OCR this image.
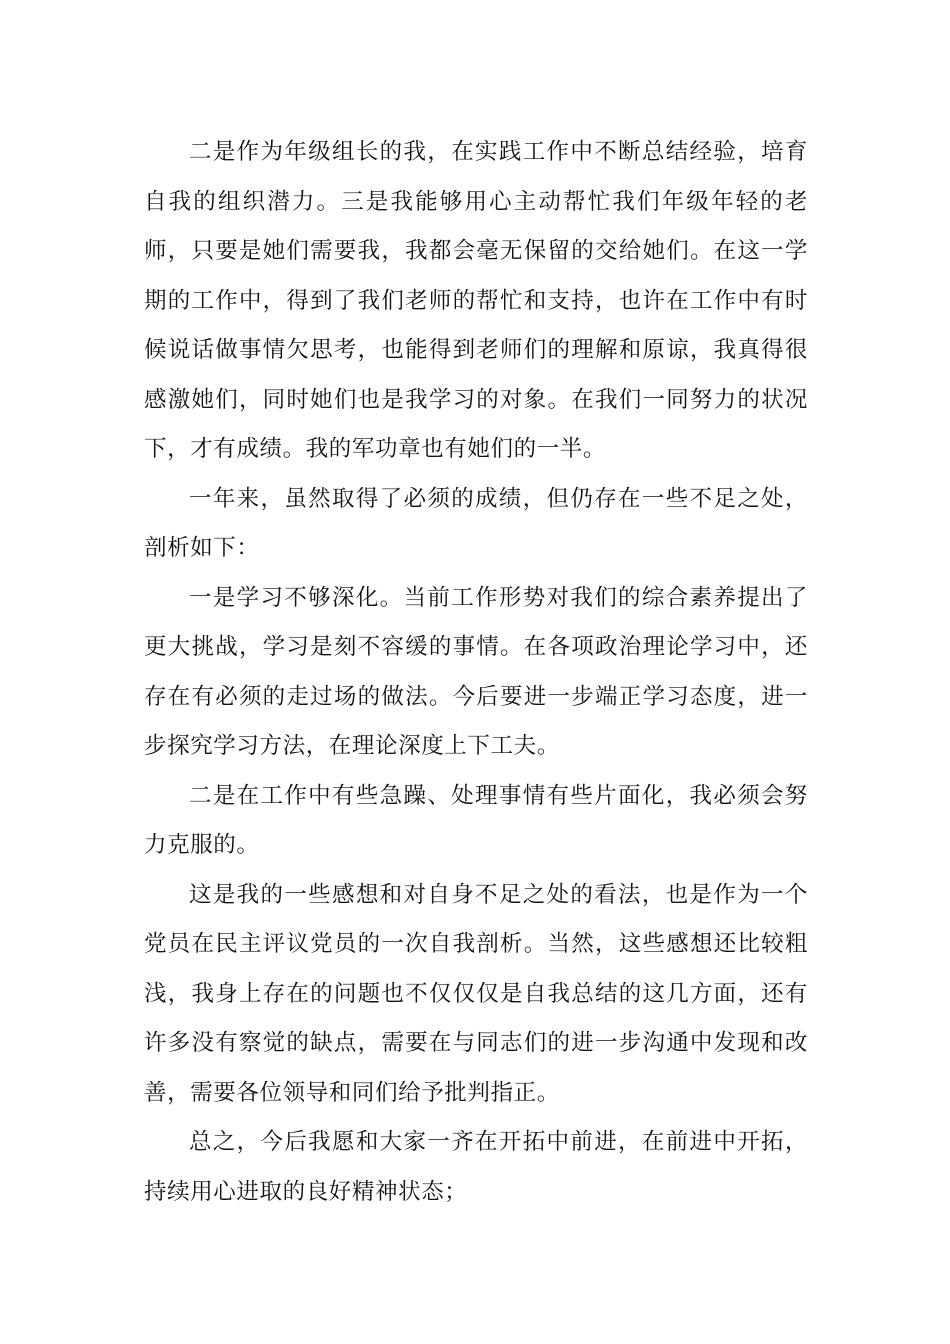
二是作为年级组长的我，在实践工作中不断总结经验，培育自我的组织潜力。三是我能够用心主动帮忙我们年级年轻的老师，只要是她们需要我，我都会毫无保留的交给她们。在这一学期的工作中，得到了我们老师的帮忙和支持，也许在工作中有时候说话做事情欠思考，也能得到老师们的理解和原谅，我真得很感激她们，同时她们也是我学习的对象。在我们一同努力的状况下，才有成绩。我的军功章也有她们的一半。

一年来，虽然取得了必须的成绩，但仍存在一些不足之处，剖析如下：

一是学习不够深化。当前工作形势对我们的综合素养提出了更大挑战，学习是刻不容缓的事情。在各项政治理论学习中，还存在有必须的走过场的做法。今后要进一步端正学习态度，进一步探究学习方法，在理论深度上下工夫。

二是在工作中有些急躁、处理事情有些片面化，我必须会努力克服的。

这是我的一些感想和对自身不足之处的看法，也是作为一个党员在民主评议党员的一次自我剖析。当然，这些感想还比较粗浅，我身上存在的问题也不仅仅仅是自我总结的这几方面，还有许多没有察觉的缺点，需要在与同志们的进一步沟通中发现和改善，需要各位领导和同们给予批判指正。

总之，今后我愿和大家一齐在开拓中前进，在前进中开拓，持续用心进取的良好精神状态；
